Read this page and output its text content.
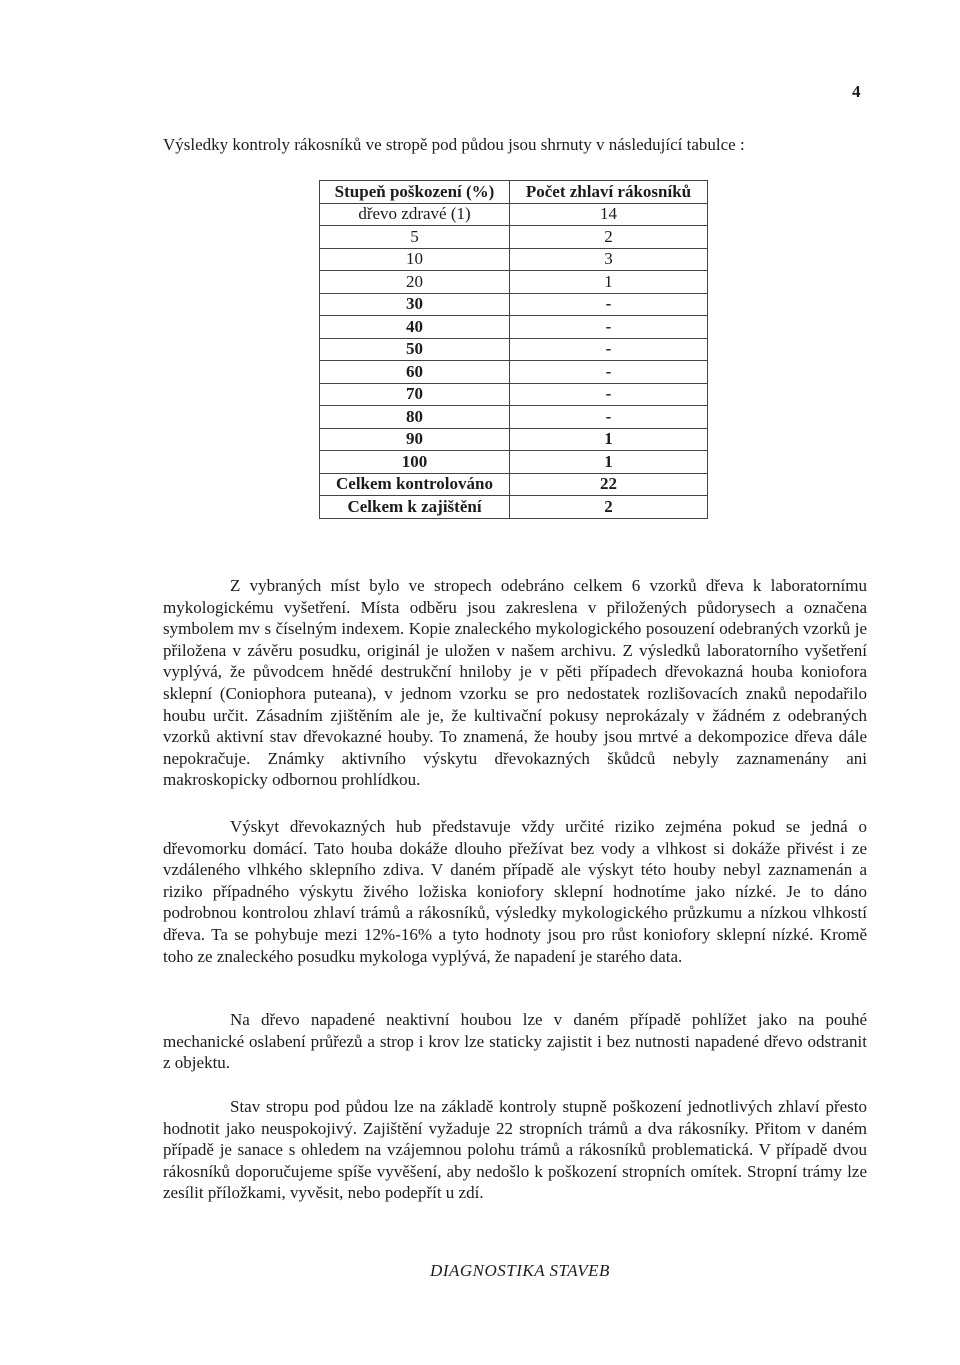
4
Výsledky kontroly rákosníků ve stropě pod půdou jsou shrnuty v následující tabulce :
Stupeň poškození (%)	Počet zhlaví rákosníků
dřevo zdravé (1)	14
5	2
10	3
20	1
30	-
40	-
50	-
60	-
70	-
80	-
90	1
100	1
Celkem kontrolováno	22
Celkem k zajištění	2

Z vybraných míst bylo ve stropech odebráno celkem 6 vzorků dřeva k laboratornímu mykologickému vyšetření. Místa odběru jsou zakreslena v přiložených půdorysech a označena symbolem mv s číselným indexem. Kopie znaleckého mykologického posouzení odebraných vzorků je přiložena v závěru posudku, originál je uložen v našem archivu. Z výsledků laboratorního vyšetření vyplývá, že původcem hnědé destrukční hniloby je v pěti případech dřevokazná houba koniofora sklepní (Coniophora puteana), v jednom vzorku se pro nedostatek rozlišovacích znaků nepodařilo houbu určit. Zásadním zjištěním ale je, že kultivační pokusy neprokázaly v žádném z odebraných vzorků aktivní stav dřevokazné houby. To znamená, že houby jsou mrtvé a dekompozice dřeva dále nepokračuje. Známky aktivního výskytu dřevokazných škůdců nebyly zaznamenány ani makroskopicky odbornou prohlídkou.

Výskyt dřevokazných hub představuje vždy určité riziko zejména pokud se jedná o dřevomorku domácí. Tato houba dokáže dlouho přežívat bez vody a vlhkost si dokáže přivést i ze vzdáleného vlhkého sklepního zdiva. V daném případě ale výskyt této houby nebyl zaznamenán a riziko případného výskytu živého ložiska koniofory sklepní hodnotíme jako nízké. Je to dáno podrobnou kontrolou zhlaví trámů a rákosníků, výsledky mykologického průzkumu a nízkou vlhkostí dřeva. Ta se pohybuje mezi 12%-16% a tyto hodnoty jsou pro růst koniofory sklepní nízké. Kromě toho ze znaleckého posudku mykologa vyplývá, že napadení je starého data.

Na dřevo napadené neaktivní houbou lze v daném případě pohlížet jako na pouhé mechanické oslabení průřezů a strop i krov lze staticky zajistit i bez nutnosti napadené dřevo odstranit z objektu.

Stav stropu pod půdou lze na základě kontroly stupně poškození jednotlivých zhlaví přesto hodnotit jako neuspokojivý. Zajištění vyžaduje 22 stropních trámů a dva rákosníky. Přitom v daném případě je sanace s ohledem na vzájemnou polohu trámů a rákosníků problematická. V případě dvou rákosníků doporučujeme spíše vyvěšení, aby nedošlo k poškození stropních omítek. Stropní trámy lze zesílit příložkami, vyvěsit, nebo podepřít u zdí.

DIAGNOSTIKA STAVEB
